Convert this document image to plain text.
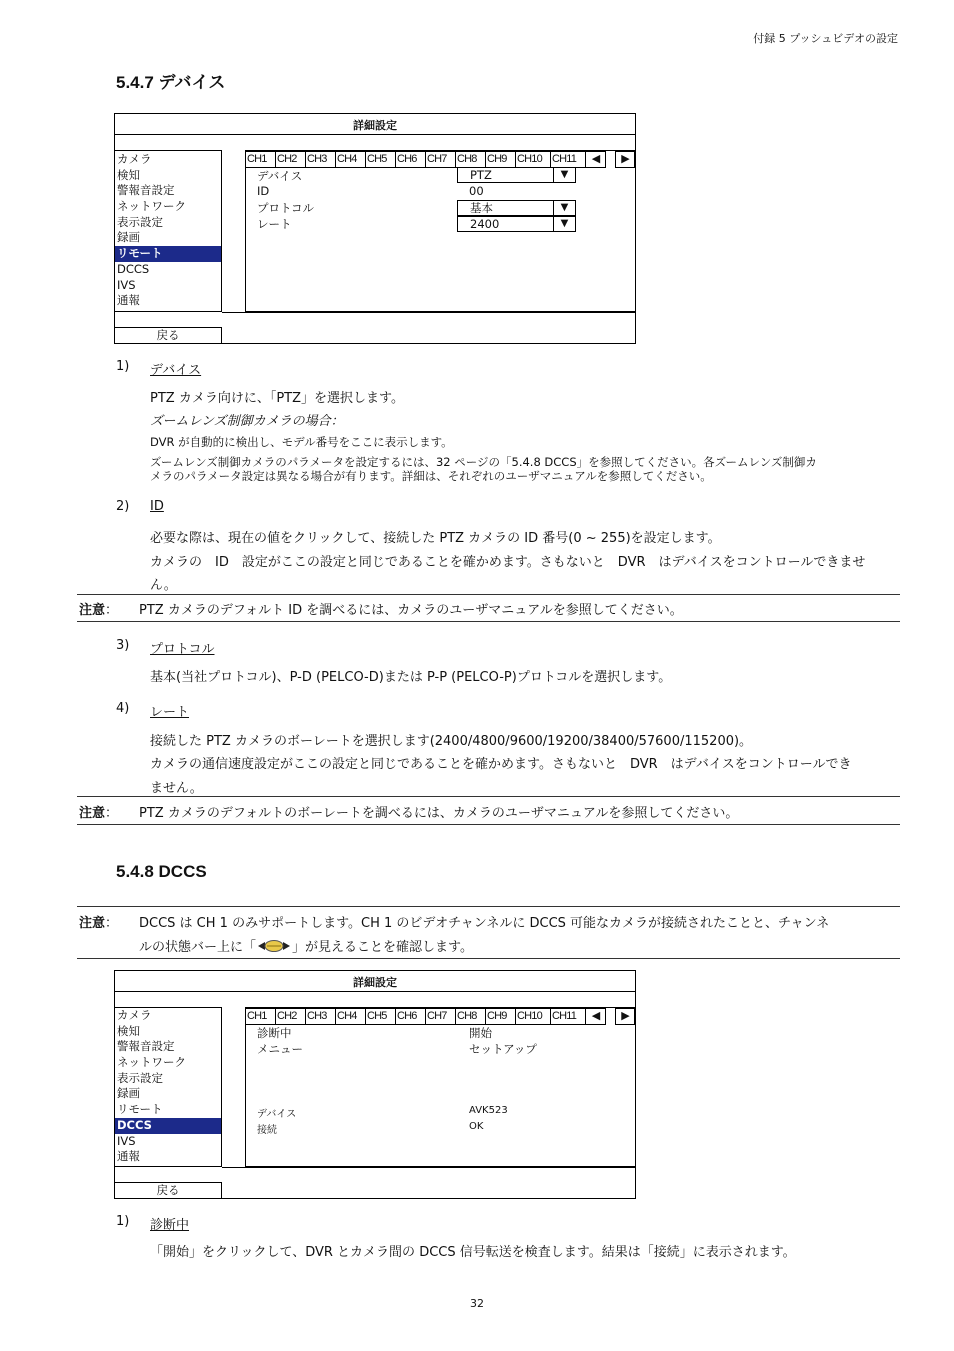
付録 5 プッシュビデオの設定
5.4.7 デバイス
詳細設定
カメラ
検知
警報音設定
ネットワーク
表示設定
録画
リモート
DCCS
IVS
通報
戻る
CH1 CH2 CH3 CH4 CH5 CH6 CH7 CH8 CH9 CH10 CH11	◀	▶
デバイス	PTZ	▼
ID	00
プロトコル	基本	▼
レート	2400	▼
1) デバイス
PTZ カメラ向けに、「PTZ」を選択します。
ズームレンズ制御カメラの場合：
DVR が自動的に検出し、モデル番号をここに表示します。
ズームレンズ制御カメラのパラメータを設定するには、32 ページの「5.4.8 DCCS」を参照してください。各ズームレンズ制御カ
メラのパラメータ設定は異なる場合が有ります。詳細は、それぞれのユーザマニュアルを参照してください。
2) ID
必要な際は、現在の値をクリックして、接続した PTZ カメラの ID 番号(0 ~ 255)を設定します。
カメラの　ID　設定がここの設定と同じであることを確かめます。さもないと　DVR　はデバイスをコントロールできませ
ん。
注意： PTZ カメラのデフォルト ID を調べるには、カメラのユーザマニュアルを参照してください。
3) プロトコル
基本(当社プロトコル)、P-D (PELCO-D)または P-P (PELCO-P)プロトコルを選択します。
4) レート
接続した PTZ カメラのボーレートを選択します(2400/4800/9600/19200/38400/57600/115200)。
カメラの通信速度設定がここの設定と同じであることを確かめます。さもないと　DVR　はデバイスをコントロールでき
ません。
注意： PTZ カメラのデフォルトのボーレートを調べるには、カメラのユーザマニュアルを参照してください。
5.4.8 DCCS
注意： DCCS は CH 1 のみサポートします。CH 1 のビデオチャンネルに DCCS 可能なカメラが接続されたことと、チャンネ
ルの状態バー上に「	」が見えることを確認します。
詳細設定
カメラ
検知
警報音設定
ネットワーク
表示設定
録画
リモート
DCCS
IVS
通報
戻る
CH1 CH2 CH3 CH4 CH5 CH6 CH7 CH8 CH9 CH10 CH11	◀	▶
診断中	開始
メニュー	セットアップ
デバイス	AVK523
接続	OK
1) 診断中
「開始」をクリックして、DVR とカメラ間の DCCS 信号転送を検査します。結果は「接続」に表示されます。
32
